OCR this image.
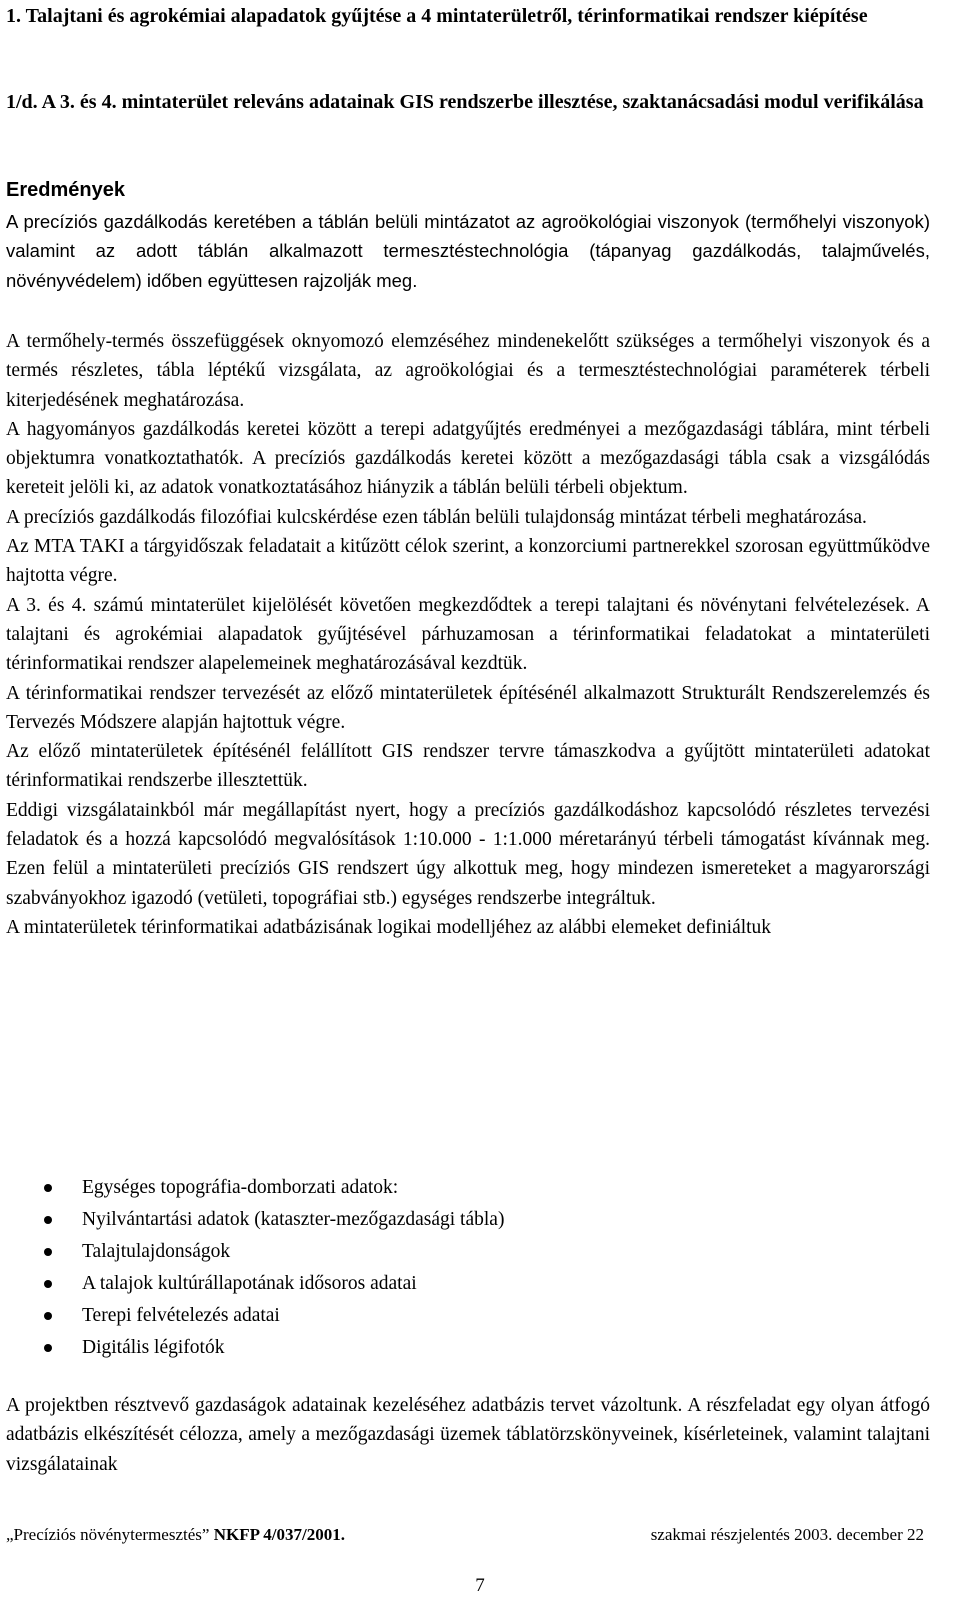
1. Talajtani és agrokémiai alapadatok gyűjtése a 4 mintaterületről, térinformatikai rendszer kiépítése

1/d. A 3. és 4. mintaterület releváns adatainak GIS rendszerbe illesztése, szaktanácsadási modul verifikálása

Eredmények

A precíziós gazdálkodás keretében a táblán belüli mintázatot az agroökológiai viszonyok (termőhelyi viszonyok) valamint az adott táblán alkalmazott termesztéstechnológia (tápanyag gazdálkodás, talajművelés, növényvédelem) időben együttesen rajzolják meg.

A termőhely-termés összefüggések oknyomozó elemzéséhez mindenekelőtt szükséges a termőhelyi viszonyok és a termés részletes, tábla léptékű vizsgálata, az agroökológiai és a termesztéstechnológiai paraméterek térbeli kiterjedésének meghatározása.
A hagyományos gazdálkodás keretei között a terepi adatgyűjtés eredményei a mezőgazdasági táblára, mint térbeli objektumra vonatkoztathatók. A precíziós gazdálkodás keretei között a mezőgazdasági tábla csak a vizsgálódás kereteit jelöli ki, az adatok vonatkoztatásához hiányzik a táblán belüli térbeli objektum.
A precíziós gazdálkodás filozófiai kulcskérdése ezen táblán belüli tulajdonság mintázat térbeli meghatározása.
Az MTA TAKI a tárgyidőszak feladatait a kitűzött célok szerint, a konzorciumi partnerekkel szorosan együttműködve hajtotta végre.
A 3. és 4. számú mintaterület kijelölését követően megkezdődtek a terepi talajtani és növénytani felvételezések. A talajtani és agrokémiai alapadatok gyűjtésével párhuzamosan a térinformatikai feladatokat a mintaterületi térinformatikai rendszer alapelemeinek meghatározásával kezdtük.
A térinformatikai rendszer tervezését az előző mintaterületek építésénél alkalmazott Strukturált Rendszerelemzés és Tervezés Módszere alapján hajtottuk végre.
Az előző mintaterületek építésénél felállított GIS rendszer tervre támaszkodva a gyűjtött mintaterületi adatokat térinformatikai rendszerbe illesztettük.
Eddigi vizsgálatainkból már megállapítást nyert, hogy a precíziós gazdálkodáshoz kapcsolódó részletes tervezési feladatok és a hozzá kapcsolódó megvalósítások 1:10.000 - 1:1.000 méretarányú térbeli támogatást kívánnak meg. Ezen felül a mintaterületi precíziós GIS rendszert úgy alkottuk meg, hogy mindezen ismereteket a magyarországi szabványokhoz igazodó (vetületi, topográfiai stb.) egységes rendszerbe integráltuk.
A mintaterületek térinformatikai adatbázisának logikai modelljéhez az alábbi elemeket definiáltuk
Egységes topográfia-domborzati adatok:
Nyilvántartási adatok (kataszter-mezőgazdasági tábla)
Talajtulajdonságok
A talajok kultúrállapotának idősoros adatai
Terepi felvételezés adatai
Digitális légifotók

A projektben résztvevő gazdaságok adatainak kezeléséhez adatbázis tervet vázoltunk. A részfeladat egy olyan átfogó adatbázis elkészítését célozza, amely a mezőgazdasági üzemek táblatörzskönyveinek, kísérleteinek, valamint talajtani vizsgálatainak

„Precíziós növénytermesztés” NKFP 4/037/2001.	szakmai részjelentés 2003. december 22
7
